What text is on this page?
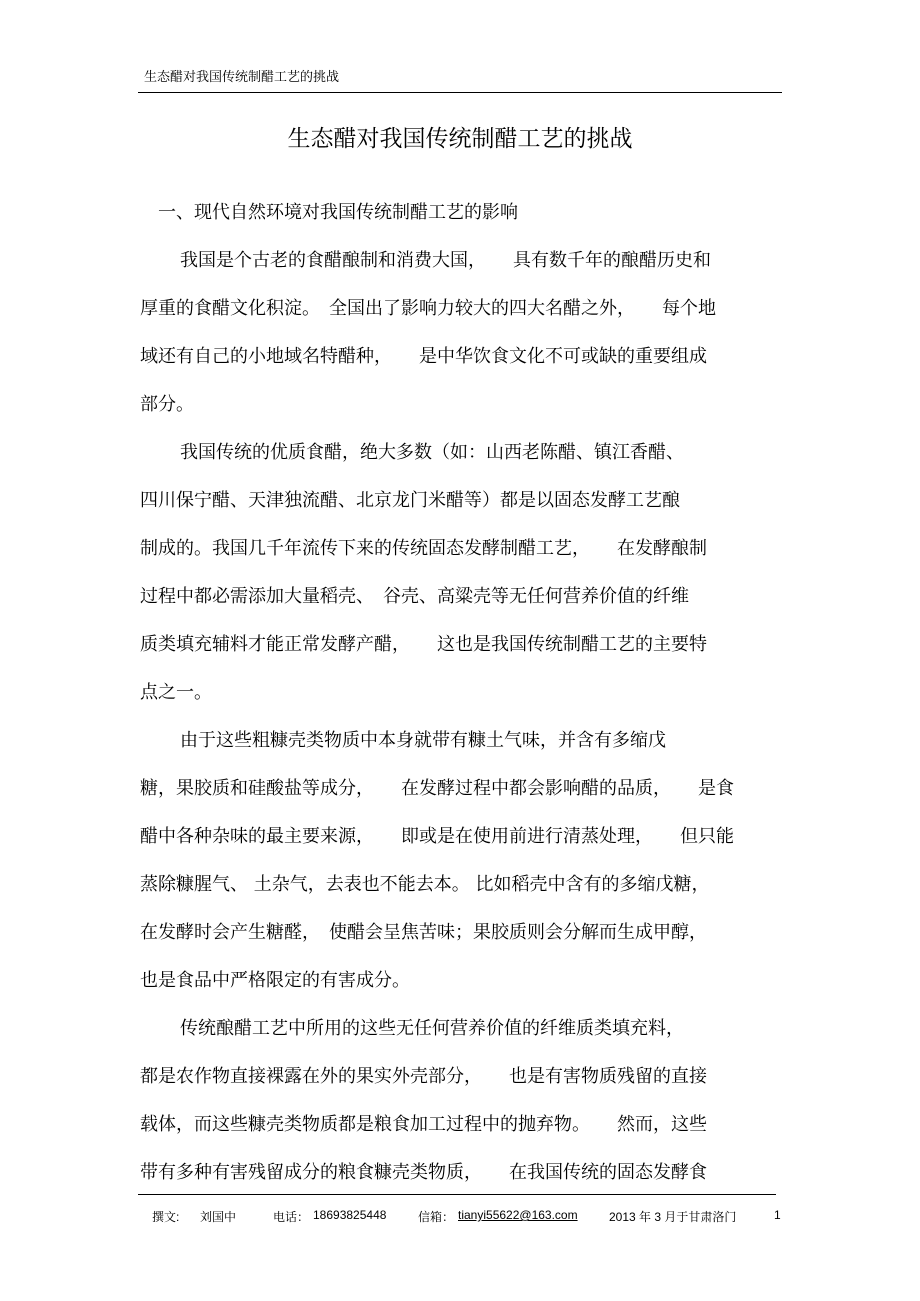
生态醋对我国传统制醋工艺的挑战
生态醋对我国传统制醋工艺的挑战
一、现代自然环境对我国传统制醋工艺的影响
我国是个古老的食醋酿制和消费大国，　　具有数千年的酿醋历史和
厚重的食醋文化积淀。　全国出了影响力较大的四大名醋之外，　　每个地
域还有自己的小地域名特醋种，　　是中华饮食文化不可或缺的重要组成
部分。
我国传统的优质食醋，绝大多数（如：山西老陈醋、镇江香醋、
四川保宁醋、天津独流醋、北京龙门米醋等）都是以固态发酵工艺酿
制成的。我国几千年流传下来的传统固态发酵制醋工艺，　　在发酵酿制
过程中都必需添加大量稻壳、　谷壳、高粱壳等无任何营养价值的纤维
质类填充辅料才能正常发酵产醋，　　这也是我国传统制醋工艺的主要特
点之一。
由于这些粗糠壳类物质中本身就带有糠土气味，并含有多缩戊
糖，果胶质和硅酸盐等成分，　　在发酵过程中都会影响醋的品质，　　是食
醋中各种杂味的最主要来源，　　即或是在使用前进行清蒸处理，　　但只能
蒸除糠腥气、 土杂气，去表也不能去本。 比如稻壳中含有的多缩戊糖，
在发酵时会产生糖醛，　使醋会呈焦苦味；果胶质则会分解而生成甲醇，
也是食品中严格限定的有害成分。
传统酿醋工艺中所用的这些无任何营养价值的纤维质类填充料，
都是农作物直接裸露在外的果实外壳部分，　　也是有害物质残留的直接
载体，而这些糠壳类物质都是粮食加工过程中的抛弃物。　　然而，这些
带有多种有害残留成分的粮食糠壳类物质，　　在我国传统的固态发酵食
撰文: 刘国中	电话： 18693825448	信箱： tianyi55622@163.com	2013 年 3 月于甘肃洛门	1
